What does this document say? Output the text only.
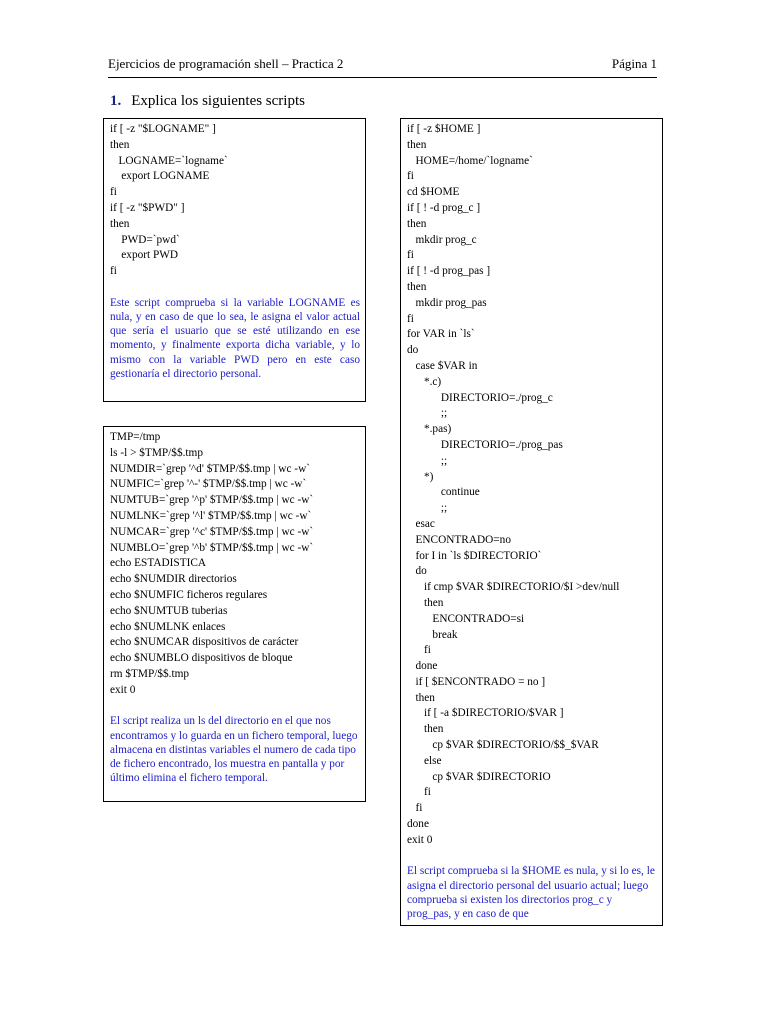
Ejercicios de programación shell – Practica 2	Página 1
1. Explica los siguientes scripts
if [ -z "$LOGNAME" ]
then
LOGNAME=`logname`
export LOGNAME
fi
if [ -z "$PWD" ]
then
PWD=`pwd`
export PWD
fi
Este script comprueba si la variable LOGNAME es nula, y en caso de que lo sea, le asigna el valor actual que sería el usuario que se esté utilizando en ese momento, y finalmente exporta dicha variable, y lo mismo con la variable PWD pero en este caso gestionaría el directorio personal.
TMP=/tmp
ls -l > $TMP/$$.tmp
NUMDIR=`grep '^d' $TMP/$$.tmp | wc -w`
NUMFIC=`grep '^-' $TMP/$$.tmp | wc -w`
NUMTUB=`grep '^p' $TMP/$$.tmp | wc -w`
NUMLNK=`grep '^l' $TMP/$$.tmp | wc -w`
NUMCAR=`grep '^c' $TMP/$$.tmp | wc -w`
NUMBLO=`grep '^b' $TMP/$$.tmp | wc -w`
echo ESTADISTICA
echo $NUMDIR directorios
echo $NUMFIC ficheros regulares
echo $NUMTUB tuberias
echo $NUMLNK enlaces
echo $NUMCAR dispositivos de carácter
echo $NUMBLO dispositivos de bloque
rm $TMP/$$.tmp
exit 0
El script realiza un ls del directorio en el que nos encontramos y lo guarda en un fichero temporal, luego almacena en distintas variables el numero de cada tipo de fichero encontrado, los muestra en pantalla y por último elimina el fichero temporal.
if [ -z $HOME ]
then
HOME=/home/`logname`
fi
cd $HOME
if [ ! -d prog_c ]
then
mkdir prog_c
fi
if [ ! -d prog_pas ]
then
mkdir prog_pas
fi
for VAR in `ls`
do
case $VAR in
*.c)
DIRECTORIO=./prog_c
;;
*.pas)
DIRECTORIO=./prog_pas
;;
*)
continue
;;
esac
ENCONTRADO=no
for I in `ls $DIRECTORIO`
do
if cmp $VAR $DIRECTORIO/$I >dev/null
then
ENCONTRADO=si
break
fi
done
if [ $ENCONTRADO = no ]
then
if [ -a $DIRECTORIO/$VAR ]
then
cp $VAR $DIRECTORIO/$$_$VAR
else
cp $VAR $DIRECTORIO
fi
fi
done
exit 0
El script comprueba si la $HOME es nula, y si lo es, le asigna el directorio personal del usuario actual; luego comprueba si existen los directorios prog_c y prog_pas, y en caso de que
